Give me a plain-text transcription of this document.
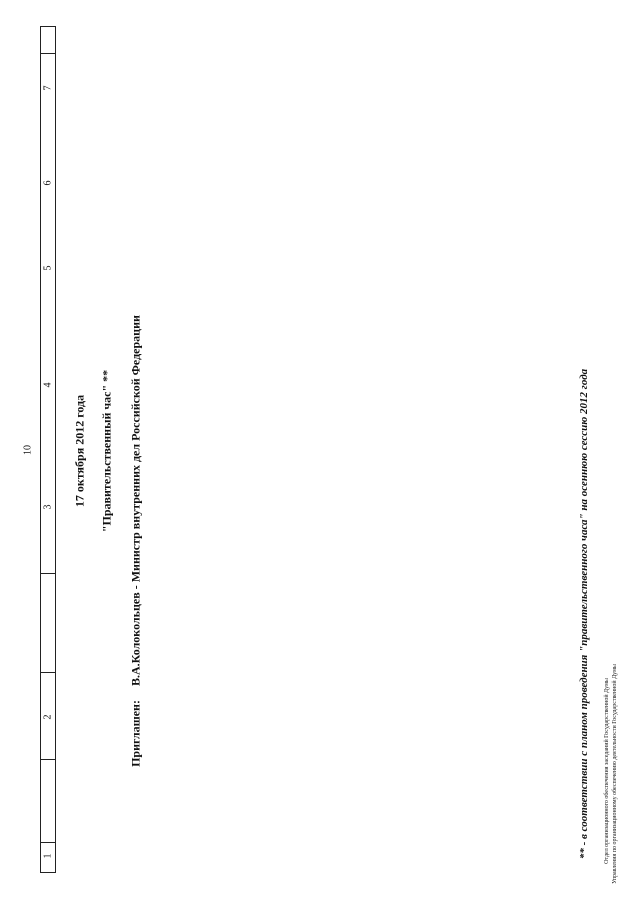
1
2
3
4
5
6
7
10	17 октября 2012 года "Правительственный час" **
Приглашен:В.А.Колокольцев - Министр внутренних дел Российской Федерации	** - в соответствии с планом проведения "правительственного часа" на осеннюю сессию 2012 года Отдел организационного обеспечения заседаний Государственной Думы Управления по организационному обеспечению деятельности Государственной Думы
